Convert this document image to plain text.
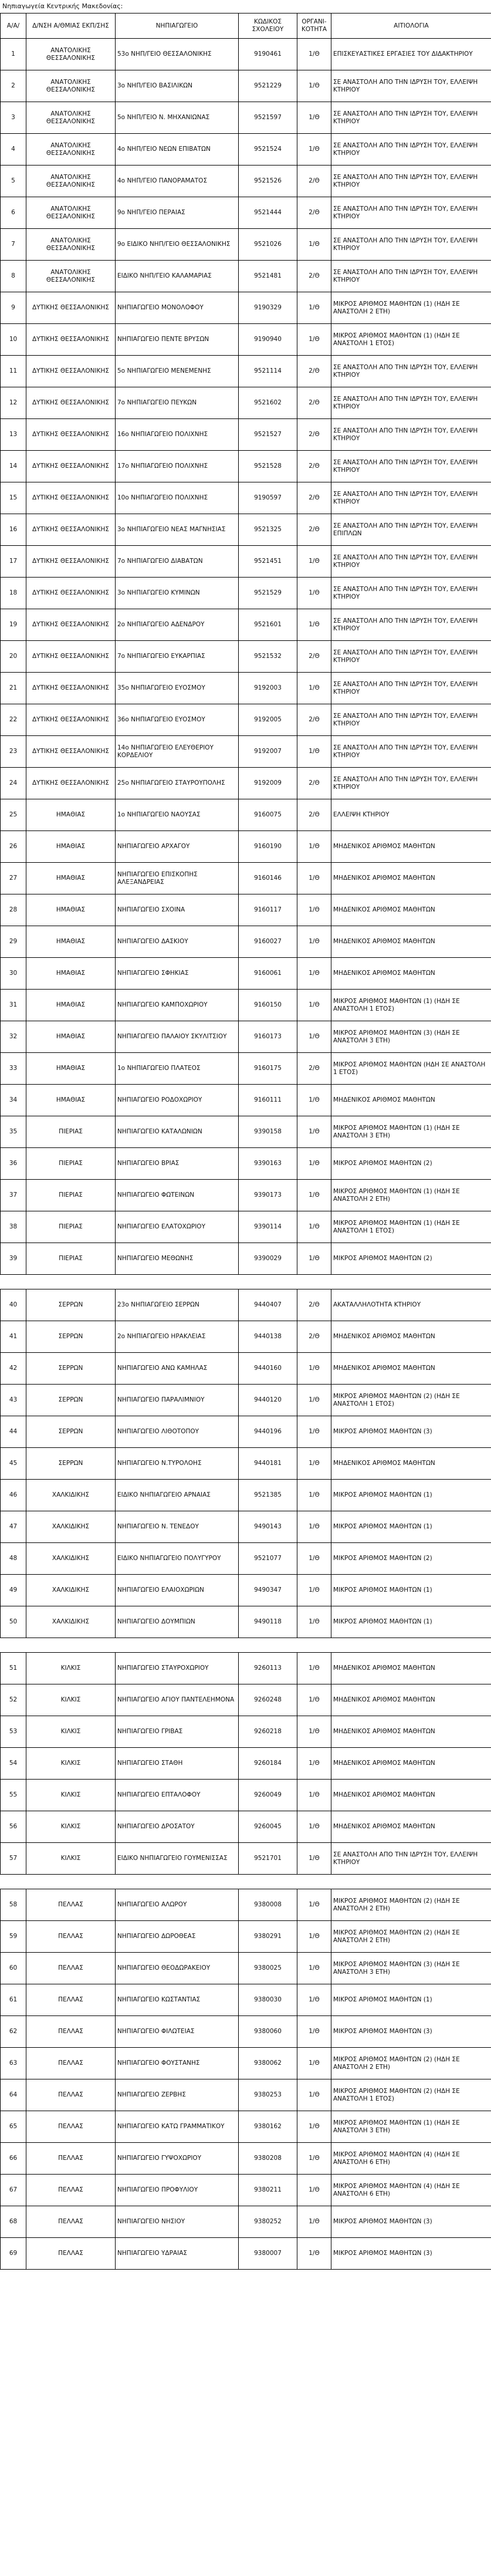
Νηπιαγωγεία Κεντρικής Μακεδονίας:
Α/Α/	Δ/ΝΣΗ Α/ΘΜΙΑΣ ΕΚΠ/ΣΗΣ	ΝΗΠΙΑΓΩΓΕΙΟ	ΚΩΔΙΚΟΣ ΣΧΟΛΕΙΟΥ	ΟΡΓΑΝΙ-ΚΟΤΗΤΑ	ΑΙΤΙΟΛΟΓΙΑ
1	ΑΝΑΤΟΛΙΚΗΣ ΘΕΣΣΑΛΟΝΙΚΗΣ	53ο ΝΗΠ/ΓΕΙΟ ΘΕΣΣΑΛΟΝΙΚΗΣ	9190461	1/Θ	ΕΠΙΣΚΕΥΑΣΤΙΚΕΣ ΕΡΓΑΣΙΕΣ ΤΟΥ ΔΙΔΑΚΤΗΡΙΟΥ
2	ΑΝΑΤΟΛΙΚΗΣ ΘΕΣΣΑΛΟΝΙΚΗΣ	3ο ΝΗΠ/ΓΕΙΟ ΒΑΣΙΛΙΚΩΝ	9521229	1/Θ	ΣΕ ΑΝΑΣΤΟΛΗ ΑΠΟ ΤΗΝ ΙΔΡΥΣΗ ΤΟΥ, ΕΛΛΕΙΨΗ ΚΤΗΡΙΟΥ
3	ΑΝΑΤΟΛΙΚΗΣ ΘΕΣΣΑΛΟΝΙΚΗΣ	5ο ΝΗΠ/ΓΕΙΟ Ν. ΜΗΧΑΝΙΩΝΑΣ	9521597	1/Θ	ΣΕ ΑΝΑΣΤΟΛΗ ΑΠΟ ΤΗΝ ΙΔΡΥΣΗ ΤΟΥ, ΕΛΛΕΙΨΗ ΚΤΗΡΙΟΥ
4	ΑΝΑΤΟΛΙΚΗΣ ΘΕΣΣΑΛΟΝΙΚΗΣ	4ο ΝΗΠ/ΓΕΙΟ ΝΕΩΝ ΕΠΙΒΑΤΩΝ	9521524	1/Θ	ΣΕ ΑΝΑΣΤΟΛΗ ΑΠΟ ΤΗΝ ΙΔΡΥΣΗ ΤΟΥ, ΕΛΛΕΙΨΗ ΚΤΗΡΙΟΥ
5	ΑΝΑΤΟΛΙΚΗΣ ΘΕΣΣΑΛΟΝΙΚΗΣ	4ο ΝΗΠ/ΓΕΙΟ ΠΑΝΟΡΑΜΑΤΟΣ	9521526	2/Θ	ΣΕ ΑΝΑΣΤΟΛΗ ΑΠΟ ΤΗΝ ΙΔΡΥΣΗ ΤΟΥ, ΕΛΛΕΙΨΗ ΚΤΗΡΙΟΥ
6	ΑΝΑΤΟΛΙΚΗΣ ΘΕΣΣΑΛΟΝΙΚΗΣ	9ο ΝΗΠ/ΓΕΙΟ ΠΕΡΑΙΑΣ	9521444	2/Θ	ΣΕ ΑΝΑΣΤΟΛΗ ΑΠΟ ΤΗΝ ΙΔΡΥΣΗ ΤΟΥ, ΕΛΛΕΙΨΗ ΚΤΗΡΙΟΥ
7	ΑΝΑΤΟΛΙΚΗΣ ΘΕΣΣΑΛΟΝΙΚΗΣ	9ο ΕΙΔΙΚΟ ΝΗΠ/ΓΕΙΟ ΘΕΣΣΑΛΟΝΙΚΗΣ	9521026	1/Θ	ΣΕ ΑΝΑΣΤΟΛΗ ΑΠΟ ΤΗΝ ΙΔΡΥΣΗ ΤΟΥ, ΕΛΛΕΙΨΗ ΚΤΗΡΙΟΥ
8	ΑΝΑΤΟΛΙΚΗΣ ΘΕΣΣΑΛΟΝΙΚΗΣ	ΕΙΔΙΚΟ ΝΗΠ/ΓΕΙΟ ΚΑΛΑΜΑΡΙΑΣ	9521481	2/Θ	ΣΕ ΑΝΑΣΤΟΛΗ ΑΠΟ ΤΗΝ ΙΔΡΥΣΗ ΤΟΥ, ΕΛΛΕΙΨΗ ΚΤΗΡΙΟΥ
9	ΔΥΤΙΚΗΣ ΘΕΣΣΑΛΟΝΙΚΗΣ	ΝΗΠΙΑΓΩΓΕΙΟ ΜΟΝΟΛΟΦΟΥ	9190329	1/Θ	ΜΙΚΡΟΣ ΑΡΙΘΜΟΣ ΜΑΘΗΤΩΝ (1) (ΗΔΗ ΣΕ ΑΝΑΣΤΟΛΗ 2 ΕΤΗ)
10	ΔΥΤΙΚΗΣ ΘΕΣΣΑΛΟΝΙΚΗΣ	ΝΗΠΙΑΓΩΓΕΙΟ ΠΕΝΤΕ ΒΡΥΣΩΝ	9190940	1/Θ	ΜΙΚΡΟΣ ΑΡΙΘΜΟΣ ΜΑΘΗΤΩΝ (1) (ΗΔΗ ΣΕ ΑΝΑΣΤΟΛΗ 1 ΕΤΟΣ)
11	ΔΥΤΙΚΗΣ ΘΕΣΣΑΛΟΝΙΚΗΣ	5ο ΝΗΠΙΑΓΩΓΕΙΟ ΜΕΝΕΜΕΝΗΣ	9521114	2/Θ	ΣΕ ΑΝΑΣΤΟΛΗ ΑΠΟ ΤΗΝ ΙΔΡΥΣΗ ΤΟΥ, ΕΛΛΕΙΨΗ ΚΤΗΡΙΟΥ
12	ΔΥΤΙΚΗΣ ΘΕΣΣΑΛΟΝΙΚΗΣ	7ο ΝΗΠΙΑΓΩΓΕΙΟ ΠΕΥΚΩΝ	9521602	2/Θ	ΣΕ ΑΝΑΣΤΟΛΗ ΑΠΟ ΤΗΝ ΙΔΡΥΣΗ ΤΟΥ, ΕΛΛΕΙΨΗ ΚΤΗΡΙΟΥ
13	ΔΥΤΙΚΗΣ ΘΕΣΣΑΛΟΝΙΚΗΣ	16ο ΝΗΠΙΑΓΩΓΕΙΟ ΠΟΛΙΧΝΗΣ	9521527	2/Θ	ΣΕ ΑΝΑΣΤΟΛΗ ΑΠΟ ΤΗΝ ΙΔΡΥΣΗ ΤΟΥ, ΕΛΛΕΙΨΗ ΚΤΗΡΙΟΥ
14	ΔΥΤΙΚΗΣ ΘΕΣΣΑΛΟΝΙΚΗΣ	17ο ΝΗΠΙΑΓΩΓΕΙΟ ΠΟΛΙΧΝΗΣ	9521528	2/Θ	ΣΕ ΑΝΑΣΤΟΛΗ ΑΠΟ ΤΗΝ ΙΔΡΥΣΗ ΤΟΥ, ΕΛΛΕΙΨΗ ΚΤΗΡΙΟΥ
15	ΔΥΤΙΚΗΣ ΘΕΣΣΑΛΟΝΙΚΗΣ	10ο ΝΗΠΙΑΓΩΓΕΙΟ ΠΟΛΙΧΝΗΣ	9190597	2/Θ	ΣΕ ΑΝΑΣΤΟΛΗ ΑΠΟ ΤΗΝ ΙΔΡΥΣΗ ΤΟΥ, ΕΛΛΕΙΨΗ ΚΤΗΡΙΟΥ
16	ΔΥΤΙΚΗΣ ΘΕΣΣΑΛΟΝΙΚΗΣ	3ο ΝΗΠΙΑΓΩΓΕΙΟ ΝΕΑΣ ΜΑΓΝΗΣΙΑΣ	9521325	2/Θ	ΣΕ ΑΝΑΣΤΟΛΗ ΑΠΟ ΤΗΝ ΙΔΡΥΣΗ ΤΟΥ, ΕΛΛΕΙΨΗ ΕΠΙΠΛΩΝ
17	ΔΥΤΙΚΗΣ ΘΕΣΣΑΛΟΝΙΚΗΣ	7ο ΝΗΠΙΑΓΩΓΕΙΟ ΔΙΑΒΑΤΩΝ	9521451	1/Θ	ΣΕ ΑΝΑΣΤΟΛΗ ΑΠΟ ΤΗΝ ΙΔΡΥΣΗ ΤΟΥ, ΕΛΛΕΙΨΗ ΚΤΗΡΙΟΥ
18	ΔΥΤΙΚΗΣ ΘΕΣΣΑΛΟΝΙΚΗΣ	3ο ΝΗΠΙΑΓΩΓΕΙΟ ΚΥΜΙΝΩΝ	9521529	1/Θ	ΣΕ ΑΝΑΣΤΟΛΗ ΑΠΟ ΤΗΝ ΙΔΡΥΣΗ ΤΟΥ, ΕΛΛΕΙΨΗ ΚΤΗΡΙΟΥ
19	ΔΥΤΙΚΗΣ ΘΕΣΣΑΛΟΝΙΚΗΣ	2ο ΝΗΠΙΑΓΩΓΕΙΟ ΑΔΕΝΔΡΟΥ	9521601	1/Θ	ΣΕ ΑΝΑΣΤΟΛΗ ΑΠΟ ΤΗΝ ΙΔΡΥΣΗ ΤΟΥ, ΕΛΛΕΙΨΗ ΚΤΗΡΙΟΥ
20	ΔΥΤΙΚΗΣ ΘΕΣΣΑΛΟΝΙΚΗΣ	7ο ΝΗΠΙΑΓΩΓΕΙΟ ΕΥΚΑΡΠΙΑΣ	9521532	2/Θ	ΣΕ ΑΝΑΣΤΟΛΗ ΑΠΟ ΤΗΝ ΙΔΡΥΣΗ ΤΟΥ, ΕΛΛΕΙΨΗ ΚΤΗΡΙΟΥ
21	ΔΥΤΙΚΗΣ ΘΕΣΣΑΛΟΝΙΚΗΣ	35ο ΝΗΠΙΑΓΩΓΕΙΟ ΕΥΟΣΜΟΥ	9192003	1/Θ	ΣΕ ΑΝΑΣΤΟΛΗ ΑΠΟ ΤΗΝ ΙΔΡΥΣΗ ΤΟΥ, ΕΛΛΕΙΨΗ ΚΤΗΡΙΟΥ
22	ΔΥΤΙΚΗΣ ΘΕΣΣΑΛΟΝΙΚΗΣ	36ο ΝΗΠΙΑΓΩΓΕΙΟ ΕΥΟΣΜΟΥ	9192005	2/Θ	ΣΕ ΑΝΑΣΤΟΛΗ ΑΠΟ ΤΗΝ ΙΔΡΥΣΗ ΤΟΥ, ΕΛΛΕΙΨΗ ΚΤΗΡΙΟΥ
23	ΔΥΤΙΚΗΣ ΘΕΣΣΑΛΟΝΙΚΗΣ	14ο ΝΗΠΙΑΓΩΓΕΙΟ ΕΛΕΥΘΕΡΙΟΥ ΚΟΡΔΕΛΙΟΥ	9192007	1/Θ	ΣΕ ΑΝΑΣΤΟΛΗ ΑΠΟ ΤΗΝ ΙΔΡΥΣΗ ΤΟΥ, ΕΛΛΕΙΨΗ ΚΤΗΡΙΟΥ
24	ΔΥΤΙΚΗΣ ΘΕΣΣΑΛΟΝΙΚΗΣ	25ο ΝΗΠΙΑΓΩΓΕΙΟ ΣΤΑΥΡΟΥΠΟΛΗΣ	9192009	2/Θ	ΣΕ ΑΝΑΣΤΟΛΗ ΑΠΟ ΤΗΝ ΙΔΡΥΣΗ ΤΟΥ, ΕΛΛΕΙΨΗ ΚΤΗΡΙΟΥ
25	ΗΜΑΘΙΑΣ	1ο ΝΗΠΙΑΓΩΓΕΙΟ ΝΑΟΥΣΑΣ	9160075	2/Θ	ΕΛΛΕΙΨΗ ΚΤΗΡΙΟΥ
26	ΗΜΑΘΙΑΣ	ΝΗΠΙΑΓΩΓΕΙΟ ΑΡΧΑΓΟΥ	9160190	1/Θ	ΜΗΔΕΝΙΚΟΣ ΑΡΙΘΜΟΣ ΜΑΘΗΤΩΝ
27	ΗΜΑΘΙΑΣ	ΝΗΠΙΑΓΩΓΕΙΟ ΕΠΙΣΚΟΠΗΣ ΑΛΕΞΑΝΔΡΕΙΑΣ	9160146	1/Θ	ΜΗΔΕΝΙΚΟΣ ΑΡΙΘΜΟΣ ΜΑΘΗΤΩΝ
28	ΗΜΑΘΙΑΣ	ΝΗΠΙΑΓΩΓΕΙΟ ΣΧΟΙΝΑ	9160117	1/Θ	ΜΗΔΕΝΙΚΟΣ ΑΡΙΘΜΟΣ ΜΑΘΗΤΩΝ
29	ΗΜΑΘΙΑΣ	ΝΗΠΙΑΓΩΓΕΙΟ ΔΑΣΚΙΟΥ	9160027	1/Θ	ΜΗΔΕΝΙΚΟΣ ΑΡΙΘΜΟΣ ΜΑΘΗΤΩΝ
30	ΗΜΑΘΙΑΣ	ΝΗΠΙΑΓΩΓΕΙΟ ΣΦΗΚΙΑΣ	9160061	1/Θ	ΜΗΔΕΝΙΚΟΣ ΑΡΙΘΜΟΣ ΜΑΘΗΤΩΝ
31	ΗΜΑΘΙΑΣ	ΝΗΠΙΑΓΩΓΕΙΟ ΚΑΜΠΟΧΩΡΙΟΥ	9160150	1/Θ	ΜΙΚΡΟΣ ΑΡΙΘΜΟΣ ΜΑΘΗΤΩΝ (1) (ΗΔΗ ΣΕ ΑΝΑΣΤΟΛΗ 1 ΕΤΟΣ)
32	ΗΜΑΘΙΑΣ	ΝΗΠΙΑΓΩΓΕΙΟ ΠΑΛΑΙΟΥ ΣΚΥΛΙΤΣΙΟΥ	9160173	1/Θ	ΜΙΚΡΟΣ ΑΡΙΘΜΟΣ ΜΑΘΗΤΩΝ (3) (ΗΔΗ ΣΕ ΑΝΑΣΤΟΛΗ 3 ΕΤΗ)
33	ΗΜΑΘΙΑΣ	1ο ΝΗΠΙΑΓΩΓΕΙΟ ΠΛΑΤΕΟΣ	9160175	2/Θ	ΜΙΚΡΟΣ ΑΡΙΘΜΟΣ ΜΑΘΗΤΩΝ (ΗΔΗ ΣΕ ΑΝΑΣΤΟΛΗ 1 ΕΤΟΣ)
34	ΗΜΑΘΙΑΣ	ΝΗΠΙΑΓΩΓΕΙΟ ΡΟΔΟΧΩΡΙΟΥ	9160111	1/Θ	ΜΗΔΕΝΙΚΟΣ ΑΡΙΘΜΟΣ ΜΑΘΗΤΩΝ
35	ΠΙΕΡΙΑΣ	ΝΗΠΙΑΓΩΓΕΙΟ ΚΑΤΑΛΩΝΙΩΝ	9390158	1/Θ	ΜΙΚΡΟΣ ΑΡΙΘΜΟΣ ΜΑΘΗΤΩΝ (1) (ΗΔΗ ΣΕ ΑΝΑΣΤΟΛΗ 3 ΕΤΗ)
36	ΠΙΕΡΙΑΣ	ΝΗΠΙΑΓΩΓΕΙΟ ΒΡΙΑΣ	9390163	1/Θ	ΜΙΚΡΟΣ ΑΡΙΘΜΟΣ ΜΑΘΗΤΩΝ (2)
37	ΠΙΕΡΙΑΣ	ΝΗΠΙΑΓΩΓΕΙΟ ΦΩΤΕΙΝΩΝ	9390173	1/Θ	ΜΙΚΡΟΣ ΑΡΙΘΜΟΣ ΜΑΘΗΤΩΝ (1) (ΗΔΗ ΣΕ ΑΝΑΣΤΟΛΗ 2 ΕΤΗ)
38	ΠΙΕΡΙΑΣ	ΝΗΠΙΑΓΩΓΕΙΟ ΕΛΑΤΟΧΩΡΙΟΥ	9390114	1/Θ	ΜΙΚΡΟΣ ΑΡΙΘΜΟΣ ΜΑΘΗΤΩΝ (1) (ΗΔΗ ΣΕ ΑΝΑΣΤΟΛΗ 1 ΕΤΟΣ)
39	ΠΙΕΡΙΑΣ	ΝΗΠΙΑΓΩΓΕΙΟ ΜΕΘΩΝΗΣ	9390029	1/Θ	ΜΙΚΡΟΣ ΑΡΙΘΜΟΣ ΜΑΘΗΤΩΝ (2)

40	ΣΕΡΡΩΝ	23ο ΝΗΠΙΑΓΩΓΕΙΟ ΣΕΡΡΩΝ	9440407	2/Θ	ΑΚΑΤΑΛΛΗΛΟΤΗΤΑ ΚΤΗΡΙΟΥ
41	ΣΕΡΡΩΝ	2ο ΝΗΠΙΑΓΩΓΕΙΟ ΗΡΑΚΛΕΙΑΣ	9440138	2/Θ	ΜΗΔΕΝΙΚΟΣ ΑΡΙΘΜΟΣ ΜΑΘΗΤΩΝ
42	ΣΕΡΡΩΝ	ΝΗΠΙΑΓΩΓΕΙΟ ΑΝΩ ΚΑΜΗΛΑΣ	9440160	1/Θ	ΜΗΔΕΝΙΚΟΣ ΑΡΙΘΜΟΣ ΜΑΘΗΤΩΝ
43	ΣΕΡΡΩΝ	ΝΗΠΙΑΓΩΓΕΙΟ ΠΑΡΑΛΙΜΝΙΟΥ	9440120	1/Θ	ΜΙΚΡΟΣ ΑΡΙΘΜΟΣ ΜΑΘΗΤΩΝ (2) (ΗΔΗ ΣΕ ΑΝΑΣΤΟΛΗ 1 ΕΤΟΣ)
44	ΣΕΡΡΩΝ	ΝΗΠΙΑΓΩΓΕΙΟ ΛΙΘΟΤΟΠΟΥ	9440196	1/Θ	ΜΙΚΡΟΣ ΑΡΙΘΜΟΣ ΜΑΘΗΤΩΝ (3)
45	ΣΕΡΡΩΝ	ΝΗΠΙΑΓΩΓΕΙΟ Ν.ΤΥΡΟΛΟΗΣ	9440181	1/Θ	ΜΗΔΕΝΙΚΟΣ ΑΡΙΘΜΟΣ ΜΑΘΗΤΩΝ
46	ΧΑΛΚΙΔΙΚΗΣ	ΕΙΔΙΚΟ ΝΗΠΙΑΓΩΓΕΙΟ ΑΡΝΑΙΑΣ	9521385	1/Θ	ΜΙΚΡΟΣ ΑΡΙΘΜΟΣ ΜΑΘΗΤΩΝ (1)
47	ΧΑΛΚΙΔΙΚΗΣ	ΝΗΠΙΑΓΩΓΕΙΟ Ν. ΤΕΝΕΔΟΥ	9490143	1/Θ	ΜΙΚΡΟΣ ΑΡΙΘΜΟΣ ΜΑΘΗΤΩΝ (1)
48	ΧΑΛΚΙΔΙΚΗΣ	ΕΙΔΙΚΟ ΝΗΠΙΑΓΩΓΕΙΟ ΠΟΛΥΓΥΡΟΥ	9521077	1/Θ	ΜΙΚΡΟΣ ΑΡΙΘΜΟΣ ΜΑΘΗΤΩΝ (2)
49	ΧΑΛΚΙΔΙΚΗΣ	ΝΗΠΙΑΓΩΓΕΙΟ ΕΛΑΙΟΧΩΡΙΩΝ	9490347	1/Θ	ΜΙΚΡΟΣ ΑΡΙΘΜΟΣ ΜΑΘΗΤΩΝ (1)
50	ΧΑΛΚΙΔΙΚΗΣ	ΝΗΠΙΑΓΩΓΕΙΟ ΔΟΥΜΠΙΩΝ	9490118	1/Θ	ΜΙΚΡΟΣ ΑΡΙΘΜΟΣ ΜΑΘΗΤΩΝ (1)

51	ΚΙΛΚΙΣ	ΝΗΠΙΑΓΩΓΕΙΟ ΣΤΑΥΡΟΧΩΡΙΟΥ	9260113	1/Θ	ΜΗΔΕΝΙΚΟΣ ΑΡΙΘΜΟΣ ΜΑΘΗΤΩΝ
52	ΚΙΛΚΙΣ	ΝΗΠΙΑΓΩΓΕΙΟ ΑΓΙΟΥ ΠΑΝΤΕΛΕΗΜΟΝΑ	9260248	1/Θ	ΜΗΔΕΝΙΚΟΣ ΑΡΙΘΜΟΣ ΜΑΘΗΤΩΝ
53	ΚΙΛΚΙΣ	ΝΗΠΙΑΓΩΓΕΙΟ ΓΡΙΒΑΣ	9260218	1/Θ	ΜΗΔΕΝΙΚΟΣ ΑΡΙΘΜΟΣ ΜΑΘΗΤΩΝ
54	ΚΙΛΚΙΣ	ΝΗΠΙΑΓΩΓΕΙΟ ΣΤΑΘΗ	9260184	1/Θ	ΜΗΔΕΝΙΚΟΣ ΑΡΙΘΜΟΣ ΜΑΘΗΤΩΝ
55	ΚΙΛΚΙΣ	ΝΗΠΙΑΓΩΓΕΙΟ ΕΠΤΑΛΟΦΟΥ	9260049	1/Θ	ΜΗΔΕΝΙΚΟΣ ΑΡΙΘΜΟΣ ΜΑΘΗΤΩΝ
56	ΚΙΛΚΙΣ	ΝΗΠΙΑΓΩΓΕΙΟ ΔΡΟΣΑΤΟΥ	9260045	1/Θ	ΜΗΔΕΝΙΚΟΣ ΑΡΙΘΜΟΣ ΜΑΘΗΤΩΝ
57	ΚΙΛΚΙΣ	ΕΙΔΙΚΟ ΝΗΠΙΑΓΩΓΕΙΟ ΓΟΥΜΕΝΙΣΣΑΣ	9521701	1/Θ	ΣΕ ΑΝΑΣΤΟΛΗ ΑΠΟ ΤΗΝ ΙΔΡΥΣΗ ΤΟΥ, ΕΛΛΕΙΨΗ ΚΤΗΡΙΟΥ

58	ΠΕΛΛΑΣ	ΝΗΠΙΑΓΩΓΕΙΟ ΑΛΩΡΟΥ	9380008	1/Θ	ΜΙΚΡΟΣ ΑΡΙΘΜΟΣ ΜΑΘΗΤΩΝ (2) (ΗΔΗ ΣΕ ΑΝΑΣΤΟΛΗ 2 ΕΤΗ)
59	ΠΕΛΛΑΣ	ΝΗΠΙΑΓΩΓΕΙΟ ΔΩΡΟΘΕΑΣ	9380291	1/Θ	ΜΙΚΡΟΣ ΑΡΙΘΜΟΣ ΜΑΘΗΤΩΝ (2) (ΗΔΗ ΣΕ ΑΝΑΣΤΟΛΗ 2 ΕΤΗ)
60	ΠΕΛΛΑΣ	ΝΗΠΙΑΓΩΓΕΙΟ ΘΕΟΔΩΡΑΚΕΙΟΥ	9380025	1/Θ	ΜΙΚΡΟΣ ΑΡΙΘΜΟΣ ΜΑΘΗΤΩΝ (3) (ΗΔΗ ΣΕ ΑΝΑΣΤΟΛΗ 3 ΕΤΗ)
61	ΠΕΛΛΑΣ	ΝΗΠΙΑΓΩΓΕΙΟ ΚΩΣΤΑΝΤΙΑΣ	9380030	1/Θ	ΜΙΚΡΟΣ ΑΡΙΘΜΟΣ ΜΑΘΗΤΩΝ (1)
62	ΠΕΛΛΑΣ	ΝΗΠΙΑΓΩΓΕΙΟ ΦΙΛΩΤΕΙΑΣ	9380060	1/Θ	ΜΙΚΡΟΣ ΑΡΙΘΜΟΣ ΜΑΘΗΤΩΝ (3)
63	ΠΕΛΛΑΣ	ΝΗΠΙΑΓΩΓΕΙΟ ΦΟΥΣΤΑΝΗΣ	9380062	1/Θ	ΜΙΚΡΟΣ ΑΡΙΘΜΟΣ ΜΑΘΗΤΩΝ (2) (ΗΔΗ ΣΕ ΑΝΑΣΤΟΛΗ 2 ΕΤΗ)
64	ΠΕΛΛΑΣ	ΝΗΠΙΑΓΩΓΕΙΟ ΖΕΡΒΗΣ	9380253	1/Θ	ΜΙΚΡΟΣ ΑΡΙΘΜΟΣ ΜΑΘΗΤΩΝ (2) (ΗΔΗ ΣΕ ΑΝΑΣΤΟΛΗ 1 ΕΤΟΣ)
65	ΠΕΛΛΑΣ	ΝΗΠΙΑΓΩΓΕΙΟ ΚΑΤΩ ΓΡΑΜΜΑΤΙΚΟΥ	9380162	1/Θ	ΜΙΚΡΟΣ ΑΡΙΘΜΟΣ ΜΑΘΗΤΩΝ (1) (ΗΔΗ ΣΕ ΑΝΑΣΤΟΛΗ 3 ΕΤΗ)
66	ΠΕΛΛΑΣ	ΝΗΠΙΑΓΩΓΕΙΟ ΓΥΨΟΧΩΡΙΟΥ	9380208	1/Θ	ΜΙΚΡΟΣ ΑΡΙΘΜΟΣ ΜΑΘΗΤΩΝ (4) (ΗΔΗ ΣΕ ΑΝΑΣΤΟΛΗ 6 ΕΤΗ)
67	ΠΕΛΛΑΣ	ΝΗΠΙΑΓΩΓΕΙΟ ΠΡΟΦΥΛΙΟΥ	9380211	1/Θ	ΜΙΚΡΟΣ ΑΡΙΘΜΟΣ ΜΑΘΗΤΩΝ (4) (ΗΔΗ ΣΕ ΑΝΑΣΤΟΛΗ 6 ΕΤΗ)
68	ΠΕΛΛΑΣ	ΝΗΠΙΑΓΩΓΕΙΟ ΝΗΣΙΟΥ	9380252	1/Θ	ΜΙΚΡΟΣ ΑΡΙΘΜΟΣ ΜΑΘΗΤΩΝ (3)
69	ΠΕΛΛΑΣ	ΝΗΠΙΑΓΩΓΕΙΟ ΥΔΡΑΙΑΣ	9380007	1/Θ	ΜΙΚΡΟΣ ΑΡΙΘΜΟΣ ΜΑΘΗΤΩΝ (3)
